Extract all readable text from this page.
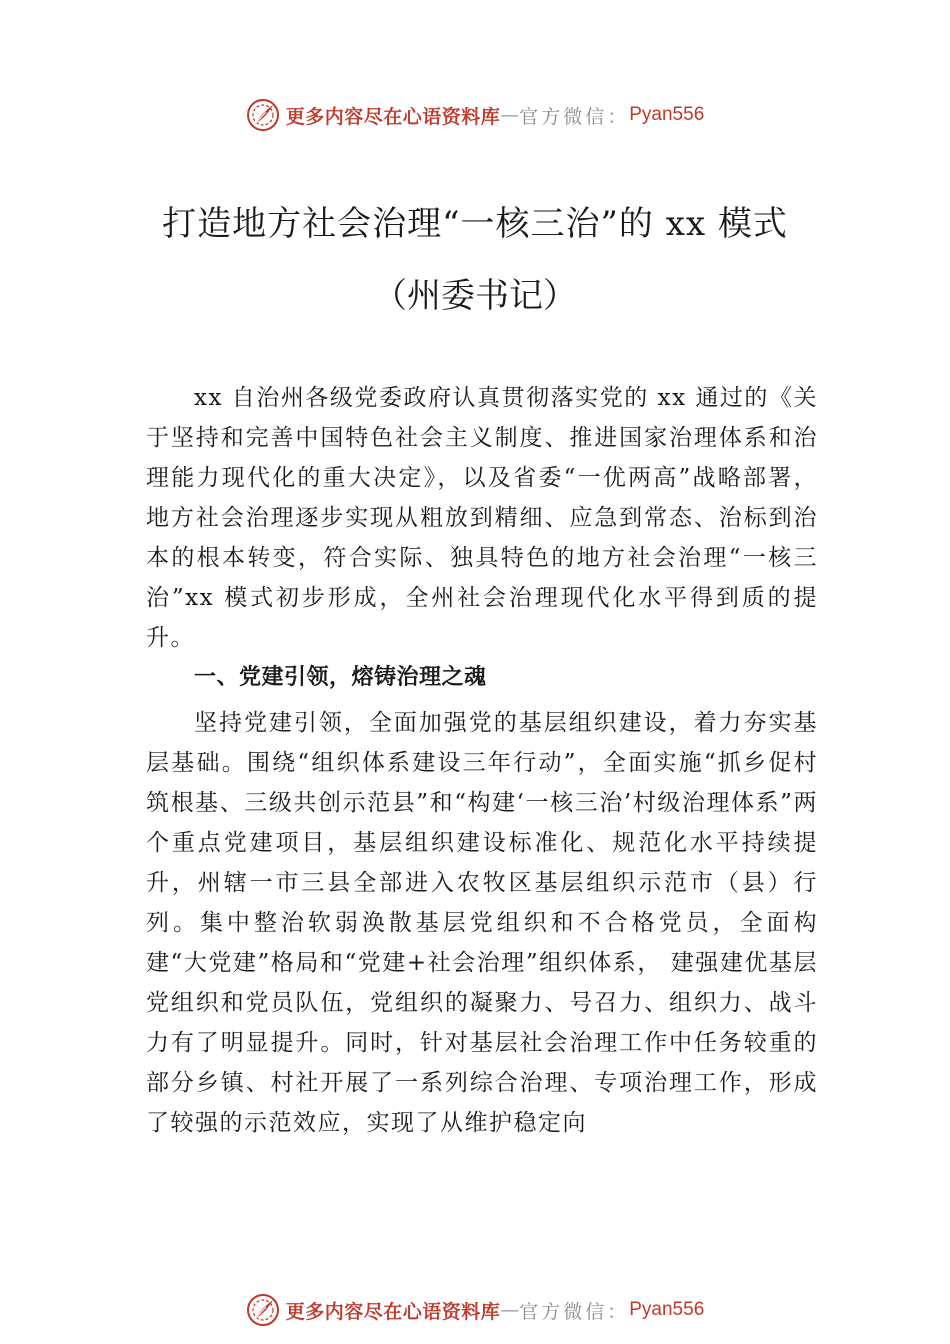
更多内容尽在心语资料库 — 官方微信： Pyan556
打造地方社会治理“一核三治”的 xx 模式
（州委书记）

xx 自治州各级党委政府认真贯彻落实党的 xx 通过的《关于坚持和完善中国特色社会主义制度、推进国家治理体系和治理能力现代化的重大决定》，以及省委“一优两高”战略部署，地方社会治理逐步实现从粗放到精细、应急到常态、治标到治本的根本转变，符合实际、独具特色的地方社会治理“一核三治”xx 模式初步形成，全州社会治理现代化水平得到质的提升。

一、党建引领，熔铸治理之魂

坚持党建引领，全面加强党的基层组织建设，着力夯实基层基础。围绕“组织体系建设三年行动”，全面实施“抓乡促村筑根基、三级共创示范县”和“构建‘一核三治’村级治理体系”两个重点党建项目，基层组织建设标准化、规范化水平持续提升，州辖一市三县全部进入农牧区基层组织示范市（县）行列。集中整治软弱涣散基层党组织和不合格党员，全面构建“大党建”格局和“党建+社会治理”组织体系， 建强建优基层党组织和党员队伍，党组织的凝聚力、号召力、组织力、战斗力有了明显提升。同时，针对基层社会治理工作中任务较重的部分乡镇、村社开展了一系列综合治理、专项治理工作，形成了较强的示范效应，实现了从维护稳定向

更多内容尽在心语资料库 — 官方微信： Pyan556
